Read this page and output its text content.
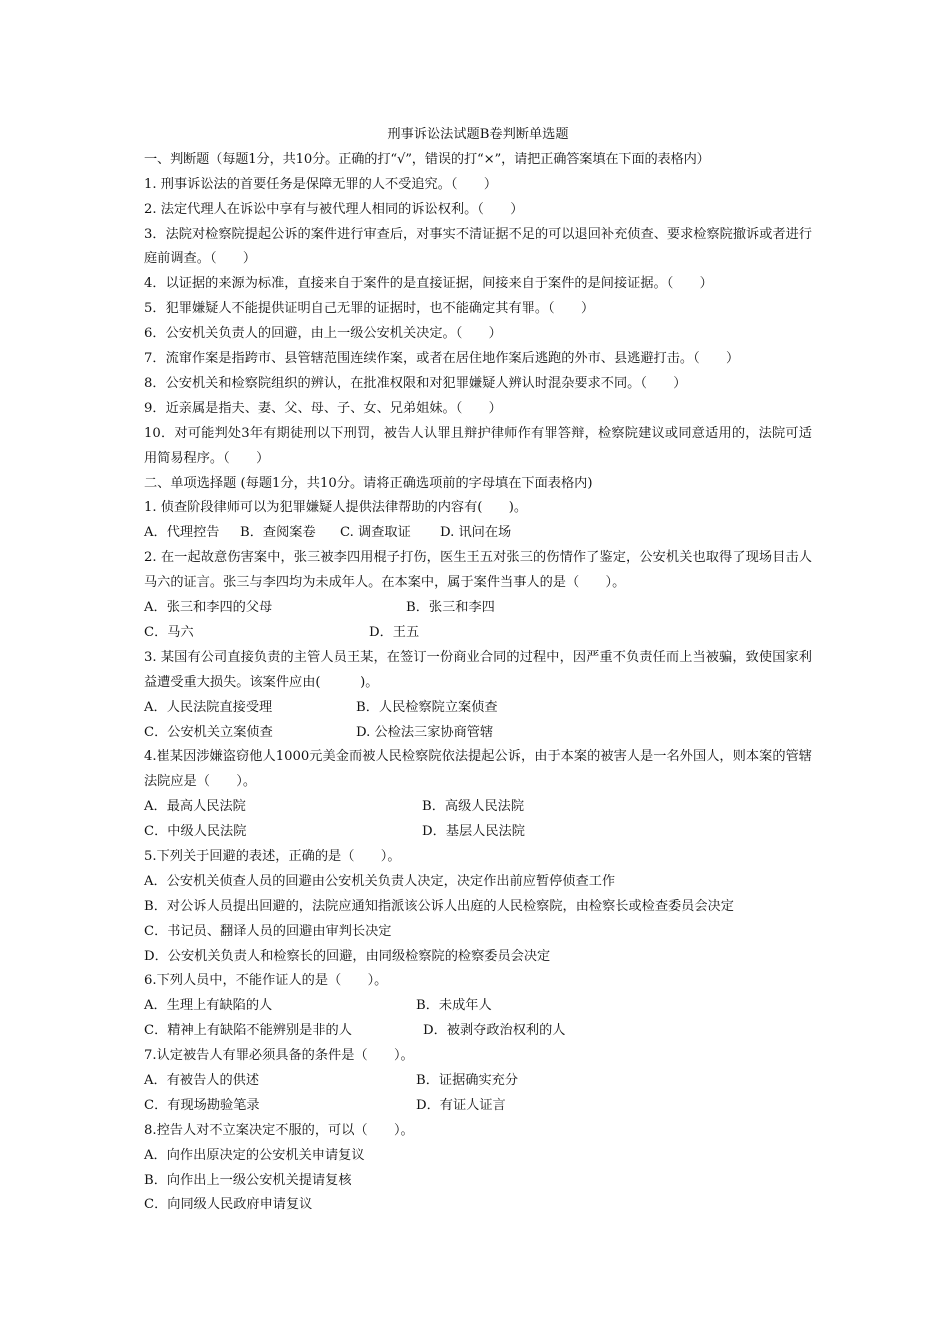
刑事诉讼法试题B卷判断单选题
一、判断题（每题1分，共10分。正确的打“√”，错误的打“×”，请把正确答案填在下面的表格内）
1. 刑事诉讼法的首要任务是保障无罪的人不受追究。（　　）
2. 法定代理人在诉讼中享有与被代理人相同的诉讼权利。（　　）
3．法院对检察院提起公诉的案件进行审查后，对事实不清证据不足的可以退回补充侦查、要求检察院撤诉或者进行庭前调查。（　　）
4．以证据的来源为标准，直接来自于案件的是直接证据，间接来自于案件的是间接证据。（　　）
5．犯罪嫌疑人不能提供证明自己无罪的证据时，也不能确定其有罪。（　　）
6．公安机关负责人的回避，由上一级公安机关决定。（　　）
7．流窜作案是指跨市、县管辖范围连续作案，或者在居住地作案后逃跑的外市、县逃避打击。（　　）
8．公安机关和检察院组织的辨认，在批准权限和对犯罪嫌疑人辨认时混杂要求不同。（　　）
9．近亲属是指夫、妻、父、母、子、女、兄弟姐妹。（　　）
10．对可能判处3年有期徒刑以下刑罚，被告人认罪且辩护律师作有罪答辩，检察院建议或同意适用的，法院可适用简易程序。（　　）
二、单项选择题 (每题1分，共10分。请将正确选项前的字母填在下面表格内)
1. 侦查阶段律师可以为犯罪嫌疑人提供法律帮助的内容有(　　)。
A．代理控告	B．查阅案卷	C. 调查取证	D. 讯问在场
2. 在一起故意伤害案中，张三被李四用棍子打伤，医生王五对张三的伤情作了鉴定，公安机关也取得了现场目击人马六的证言。张三与李四均为未成年人。在本案中，属于案件当事人的是（　　）。
A．张三和李四的父母	B．张三和李四
C．马六	D．王五
3. 某国有公司直接负责的主管人员王某，在签订一份商业合同的过程中，因严重不负责任而上当被骗，致使国家利益遭受重大损失。该案件应由(　　　)。
A．人民法院直接受理	B．人民检察院立案侦查
C．公安机关立案侦查	D. 公检法三家协商管辖
4.崔某因涉嫌盗窃他人1000元美金而被人民检察院依法提起公诉，由于本案的被害人是一名外国人，则本案的管辖法院应是（　　）。
A．最高人民法院	B．高级人民法院
C．中级人民法院	D．基层人民法院
5.下列关于回避的表述，正确的是（　　）。
A．公安机关侦查人员的回避由公安机关负责人决定，决定作出前应暂停侦查工作
B．对公诉人员提出回避的，法院应通知指派该公诉人出庭的人民检察院，由检察长或检查委员会决定
C．书记员、翻译人员的回避由审判长决定
D．公安机关负责人和检察长的回避，由同级检察院的检察委员会决定
6.下列人员中，不能作证人的是（　　）。
A．生理上有缺陷的人	B．未成年人
C．精神上有缺陷不能辨别是非的人	D．被剥夺政治权利的人
7.认定被告人有罪必须具备的条件是（　　）。
A．有被告人的供述	B．证据确实充分
C．有现场勘验笔录	D．有证人证言
8.控告人对不立案决定不服的，可以（　　）。
A．向作出原决定的公安机关申请复议
B．向作出上一级公安机关提请复核
C．向同级人民政府申请复议
